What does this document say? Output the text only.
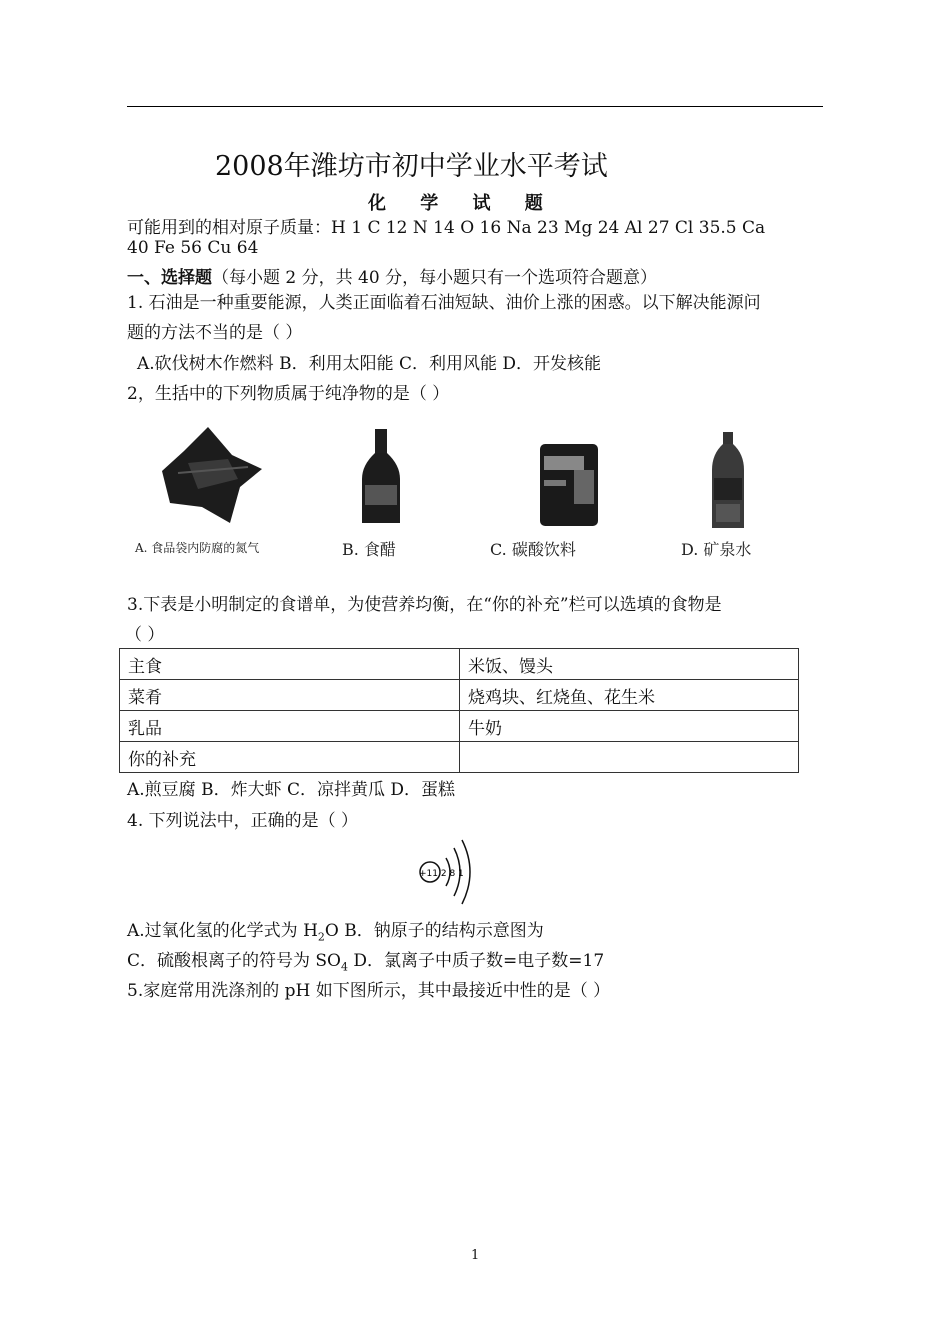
2008年潍坊市初中学业水平考试
化 学 试 题
可能用到的相对原子质量：H 1 C 12 N 14 O 16 Na 23 Mg 24 Al 27 Cl 35.5 Ca
40 Fe 56 Cu 64
一、选择题（每小题 2 分，共 40 分，每小题只有一个选项符合题意）
1. 石油是一种重要能源，人类正面临着石油短缺、油价上涨的困惑。以下解决能源问
题的方法不当的是（ ）
A.砍伐树木作燃料 B．利用太阳能 C．利用风能 D．开发核能
2，生括中的下列物质属于纯净物的是（ ）
A. 食品袋内防腐的氮气	B. 食醋	C. 碳酸饮料	D. 矿泉水
3.下表是小明制定的食谱单，为使营养均衡，在“你的补充”栏可以选填的食物是
（ ）
主食	米饭、馒头
菜肴	烧鸡块、红烧鱼、花生米
乳品	牛奶
你的补充	
A.煎豆腐 B．炸大虾 C．凉拌黄瓜 D．蛋糕
4. 下列说法中，正确的是（ ）
+11 2 8 1
A.过氧化氢的化学式为 $H_2O$ B．钠原子的结构示意图为
C．硫酸根离子的符号为 $SO_4$ D．氯离子中质子数=电子数=17
5.家庭常用洗涤剂的 pH 如下图所示，其中最接近中性的是（ ）
1
